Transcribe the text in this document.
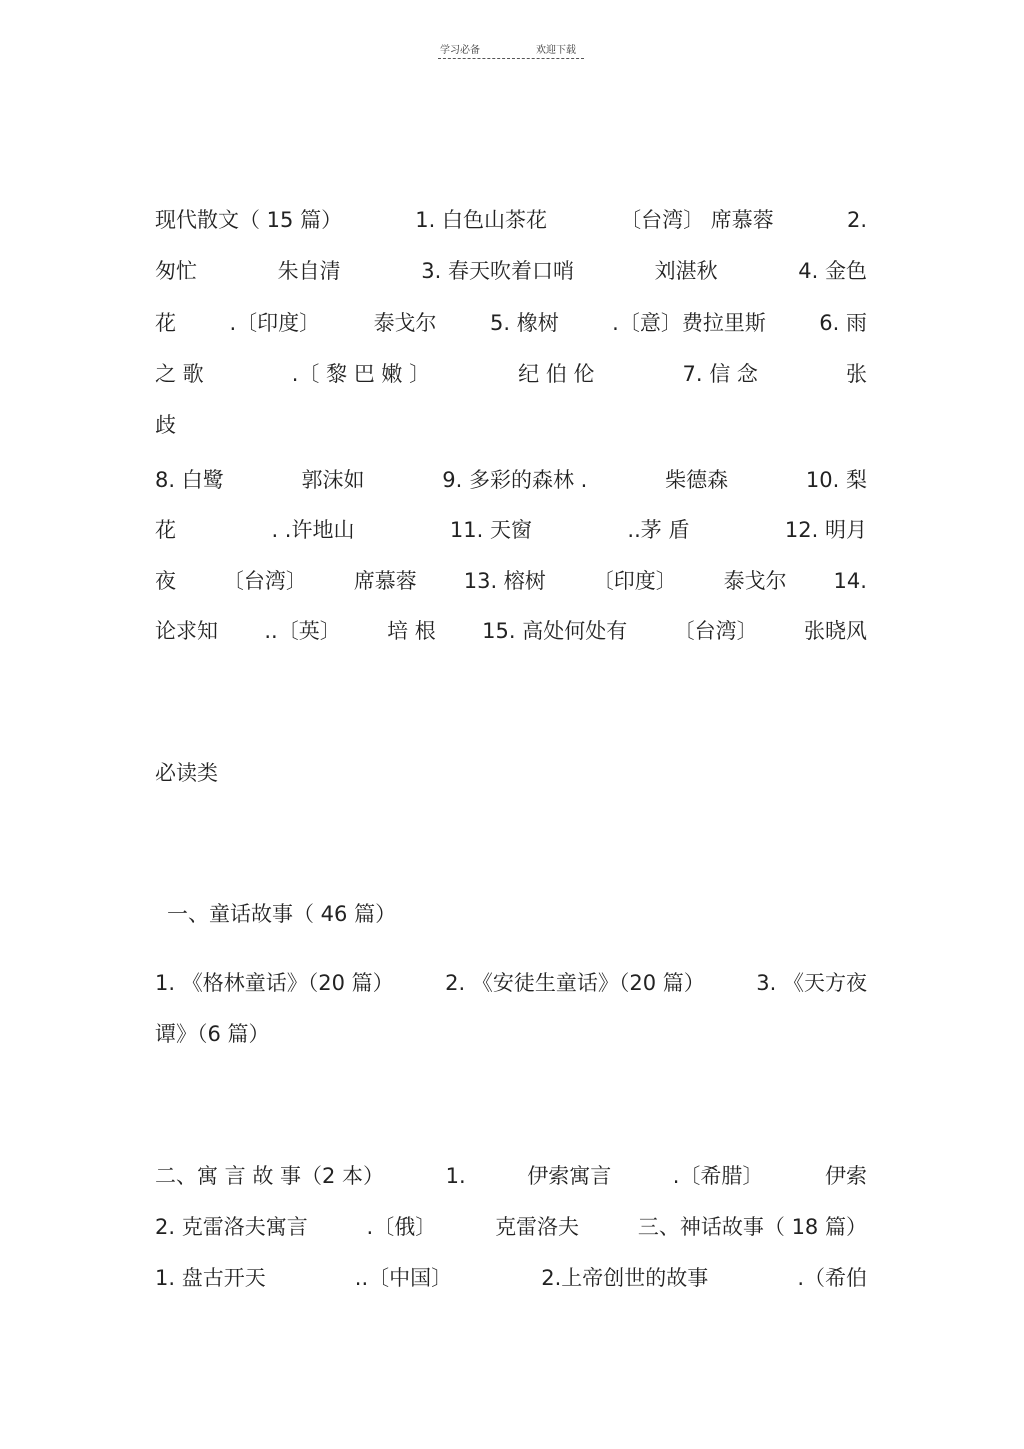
学习必备	欢迎下载
现代散文（ 15 篇）	1. 白色山茶花	〔台湾〕 席慕蓉	2.
匆忙	朱自清	3. 春天吹着口哨	刘湛秋	4. 金色
花	.〔印度〕	泰戈尔	5. 橡树	.〔意〕费拉里斯	6. 雨
之 歌	.〔 黎 巴 嫩 〕	纪 伯 伦	7. 信 念	张
歧
8. 白鹭	郭沫如	9. 多彩的森林 .	柴德森	10. 梨
花	. .许地山	11. 天窗	..茅 盾	12. 明月
夜 〔台湾〕 席慕蓉 13. 榕树 〔印度〕 泰戈尔 14.
论求知 ..〔英〕 培 根 15. 高处何处有 〔台湾〕 张晓风
必读类
一、童话故事（ 46 篇）
1. 《格林童话》（20 篇） 2. 《安徒生童话》（20 篇） 3. 《天方夜
谭》（6 篇）
二、寓 言 故 事（2 本）	1.	伊索寓言	.〔希腊〕	伊索
2. 克雷洛夫寓言	.〔俄〕	克雷洛夫	三、神话故事（ 18 篇）
1. 盘古开天	..〔中国〕	2.上帝创世的故事	.（希伯
